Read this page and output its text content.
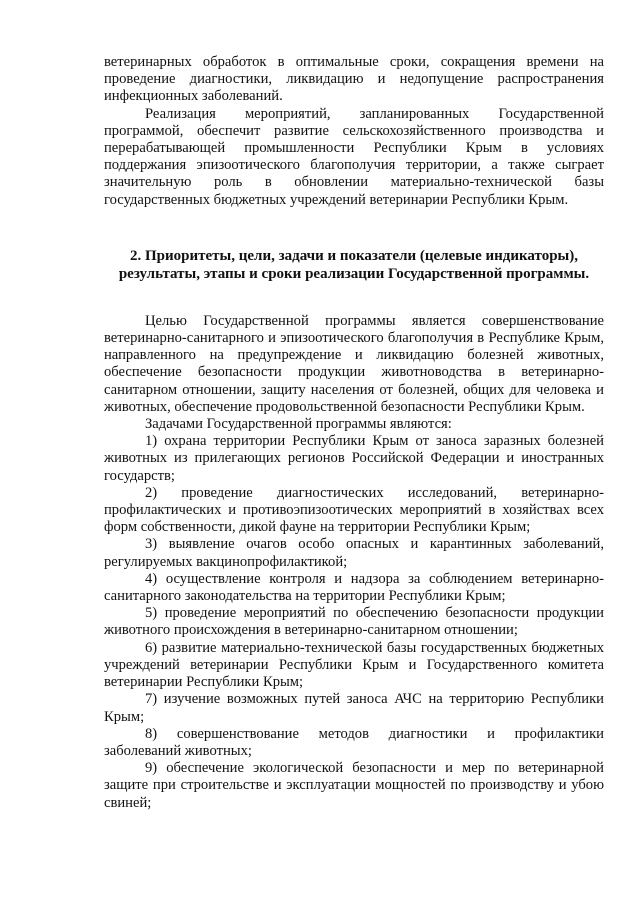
ветеринарных обработок в оптимальные сроки, сокращения времени на проведение диагностики, ликвидацию и недопущение распространения инфекционных заболеваний.

Реализация мероприятий, запланированных Государственной программой, обеспечит развитие сельскохозяйственного производства и перерабатывающей промышленности Республики Крым в условиях поддержания эпизоотического благополучия территории, а также сыграет значительную роль в обновлении материально-технической базы государственных бюджетных учреждений ветеринарии Республики Крым.

2. Приоритеты, цели, задачи и показатели (целевые индикаторы), результаты, этапы и сроки реализации Государственной программы.

Целью Государственной программы является совершенствование ветеринарно-санитарного и эпизоотического благополучия в Республике Крым, направленного на предупреждение и ликвидацию болезней животных, обеспечение безопасности продукции животноводства в ветеринарно-санитарном отношении, защиту населения от болезней, общих для человека и животных, обеспечение продовольственной безопасности Республики Крым.

Задачами Государственной программы являются:

1) охрана территории Республики Крым от заноса заразных болезней животных из прилегающих регионов Российской Федерации и иностранных государств;

2) проведение диагностических исследований, ветеринарно-профилактических и противоэпизоотических мероприятий в хозяйствах всех форм собственности, дикой фауне на территории Республики Крым;

3) выявление очагов особо опасных и карантинных заболеваний, регулируемых вакцинопрофилактикой;

4) осуществление контроля и надзора за соблюдением ветеринарно-санитарного законодательства на территории Республики Крым;

5) проведение мероприятий по обеспечению безопасности продукции животного происхождения в ветеринарно-санитарном отношении;

6) развитие материально-технической базы государственных бюджетных учреждений ветеринарии Республики Крым и Государственного комитета ветеринарии Республики Крым;

7) изучение возможных путей заноса АЧС на территорию Республики Крым;

8) совершенствование методов диагностики и профилактики заболеваний животных;

9) обеспечение экологической безопасности и мер по ветеринарной защите при строительстве и эксплуатации мощностей по производству и убою свиней;
